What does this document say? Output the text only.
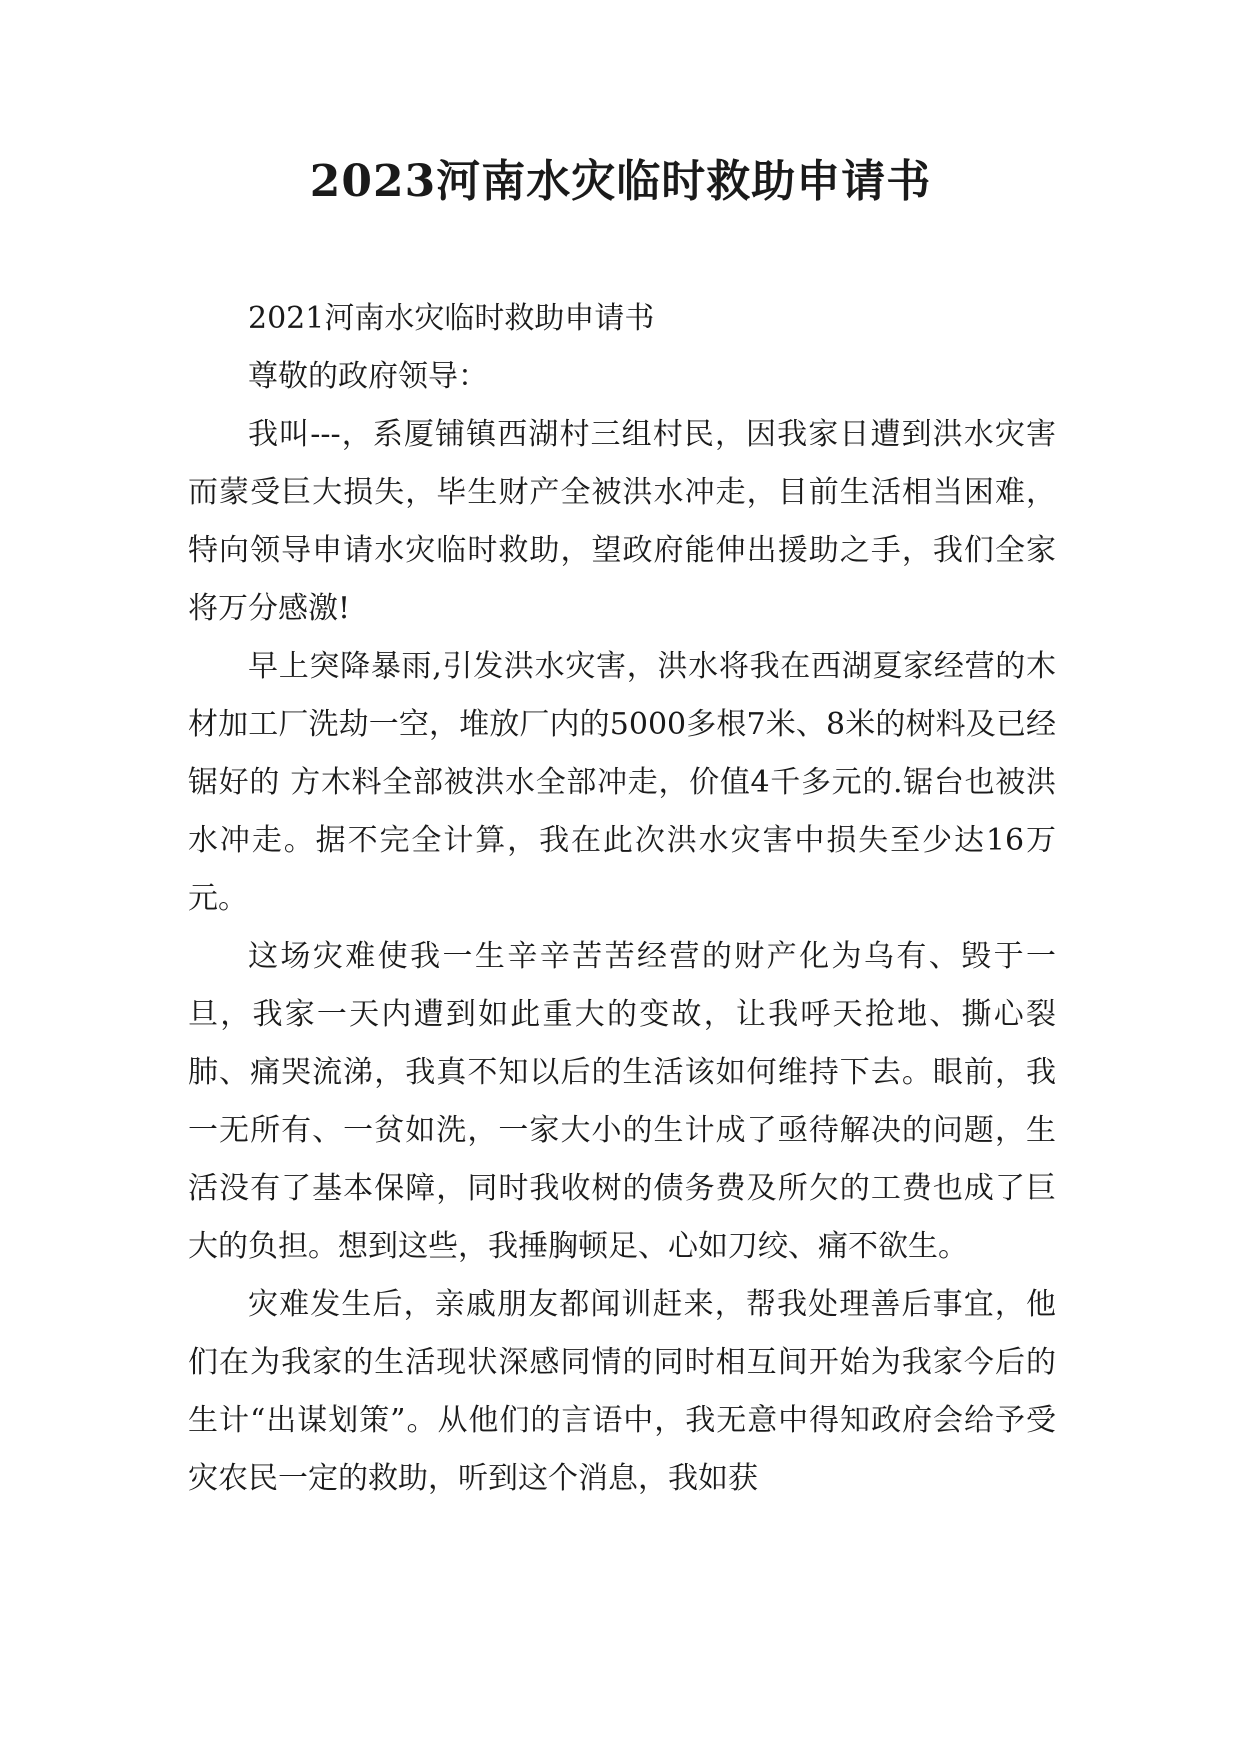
2023河南水灾临时救助申请书

2021河南水灾临时救助申请书

尊敬的政府领导：

我叫---，系厦铺镇西湖村三组村民，因我家日遭到洪水灾害而蒙受巨大损失，毕生财产全被洪水冲走，目前生活相当困难，特向领导申请水灾临时救助，望政府能伸出援助之手，我们全家将万分感激!

早上突降暴雨,引发洪水灾害，洪水将我在西湖夏家经营的木材加工厂洗劫一空，堆放厂内的5000多根7米、8米的树料及已经锯好的 方木料全部被洪水全部冲走，价值4千多元的.锯台也被洪水冲走。据不完全计算，我在此次洪水灾害中损失至少达16万元。

这场灾难使我一生辛辛苦苦经营的财产化为乌有、毁于一旦，我家一天内遭到如此重大的变故，让我呼天抢地、撕心裂肺、痛哭流涕，我真不知以后的生活该如何维持下去。眼前，我一无所有、一贫如洗，一家大小的生计成了亟待解决的问题，生活没有了基本保障，同时我收树的债务费及所欠的工费也成了巨大的负担。想到这些，我捶胸顿足、心如刀绞、痛不欲生。

灾难发生后，亲戚朋友都闻训赶来，帮我处理善后事宜，他们在为我家的生活现状深感同情的同时相互间开始为我家今后的生计“出谋划策”。从他们的言语中，我无意中得知政府会给予受灾农民一定的救助，听到这个消息，我如获
